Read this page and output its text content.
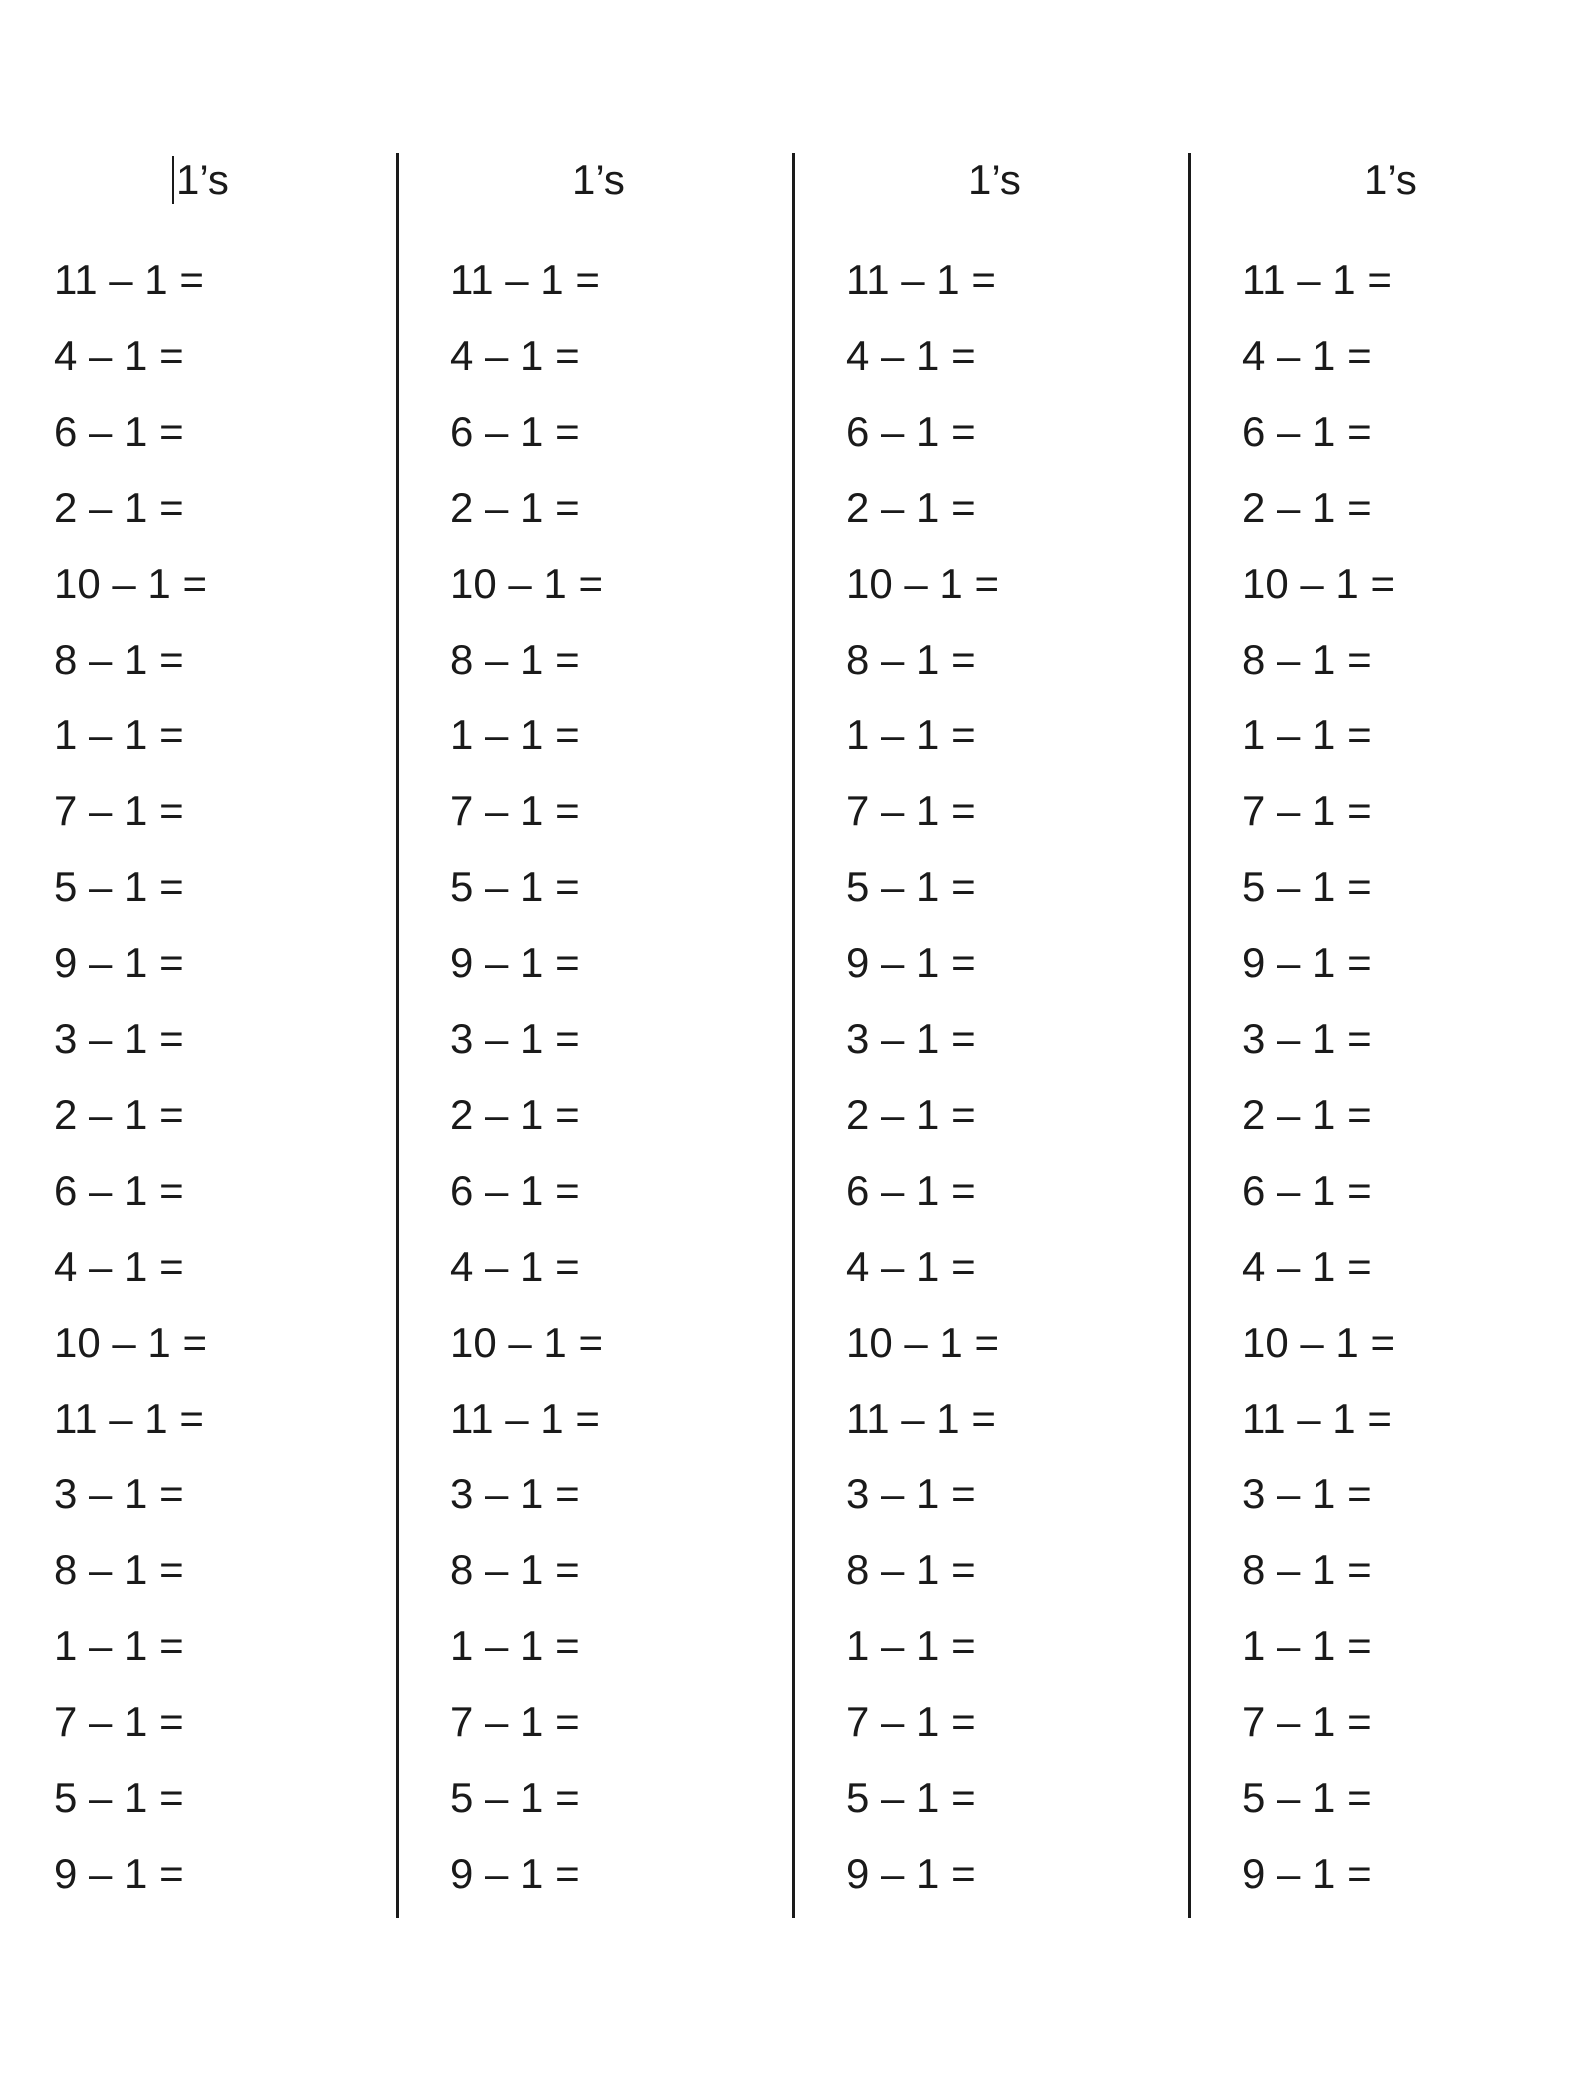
1’s
11 – 1 =
4 – 1 =
6 – 1 =
2 – 1 =
10 – 1 =
8 – 1 =
1 – 1 =
7 – 1 =
5 – 1 =
9 – 1 =
3 – 1 =
2 – 1 =
6 – 1 =
4 – 1 =
10 – 1 =
11 – 1 =
3 – 1 =
8 – 1 =
1 – 1 =
7 – 1 =
5 – 1 =
9 – 1 =
1’s
11 – 1 =
4 – 1 =
6 – 1 =
2 – 1 =
10 – 1 =
8 – 1 =
1 – 1 =
7 – 1 =
5 – 1 =
9 – 1 =
3 – 1 =
2 – 1 =
6 – 1 =
4 – 1 =
10 – 1 =
11 – 1 =
3 – 1 =
8 – 1 =
1 – 1 =
7 – 1 =
5 – 1 =
9 – 1 =
1’s
11 – 1 =
4 – 1 =
6 – 1 =
2 – 1 =
10 – 1 =
8 – 1 =
1 – 1 =
7 – 1 =
5 – 1 =
9 – 1 =
3 – 1 =
2 – 1 =
6 – 1 =
4 – 1 =
10 – 1 =
11 – 1 =
3 – 1 =
8 – 1 =
1 – 1 =
7 – 1 =
5 – 1 =
9 – 1 =
1’s
11 – 1 =
4 – 1 =
6 – 1 =
2 – 1 =
10 – 1 =
8 – 1 =
1 – 1 =
7 – 1 =
5 – 1 =
9 – 1 =
3 – 1 =
2 – 1 =
6 – 1 =
4 – 1 =
10 – 1 =
11 – 1 =
3 – 1 =
8 – 1 =
1 – 1 =
7 – 1 =
5 – 1 =
9 – 1 =
